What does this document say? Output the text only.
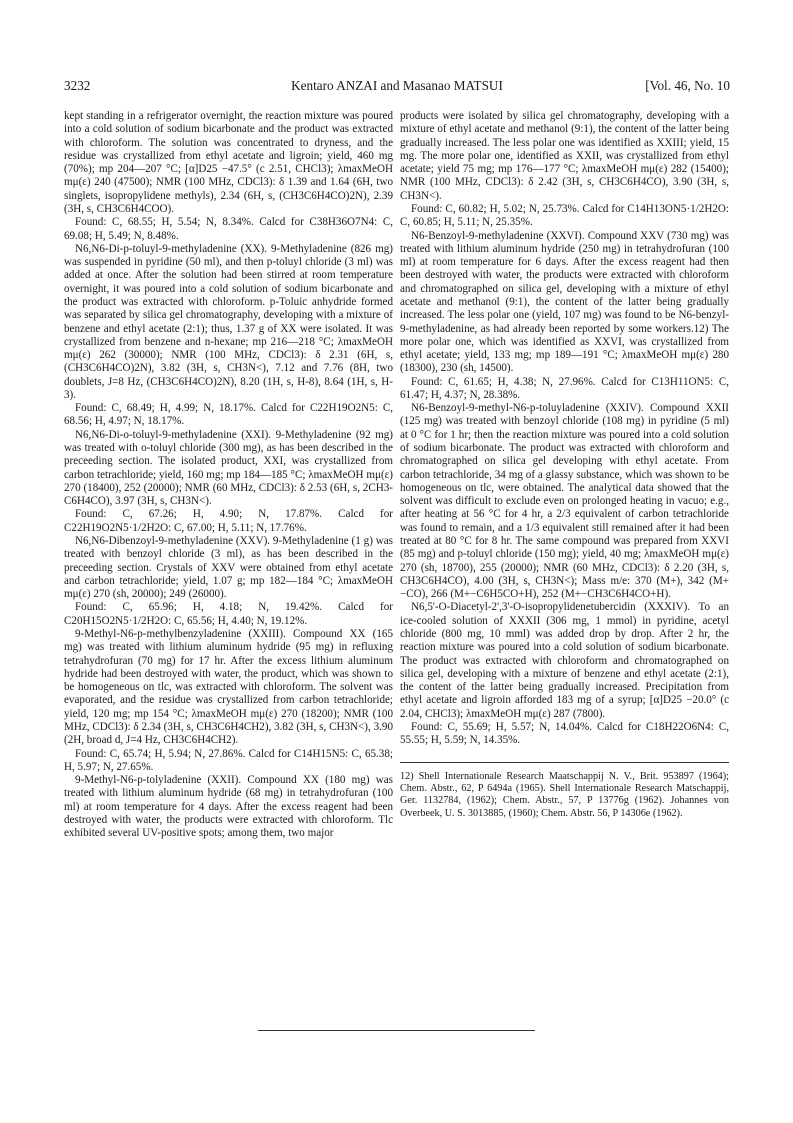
3232	Kentaro ANZAI and Masanao MATSUI	[Vol. 46, No. 10

kept standing in a refrigerator overnight, the reaction mixture was poured into a cold solution of sodium bicarbonate and the product was extracted with chloroform. The solution was concentrated to dryness, and the residue was crystallized from ethyl acetate and ligroin; yield, 460 mg (70%); mp 204—207 °C; [α]D25 −47.5° (c 2.51, CHCl3); λmaxMeOH mμ(ε) 240 (47500); NMR (100 MHz, CDCl3): δ 1.39 and 1.64 (6H, two singlets, isopropylidene methyls), 2.34 (6H, s, (CH3C6H4CO)2N), 2.39 (3H, s, CH3C6H4COO).

Found: C, 68.55; H, 5.54; N, 8.34%. Calcd for C38H36O7N4: C, 69.08; H, 5.49; N, 8.48%.

N6,N6-Di-p-toluyl-9-methyladenine (XX). 9-Methyladenine (826 mg) was suspended in pyridine (50 ml), and then p-toluyl chloride (3 ml) was added at once. After the solution had been stirred at room temperature overnight, it was poured into a cold solution of sodium bicarbonate and the product was extracted with chloroform. p-Toluic anhydride formed was separated by silica gel chromatography, developing with a mixture of benzene and ethyl acetate (2:1); thus, 1.37 g of XX were isolated. It was crystallized from benzene and n-hexane; mp 216—218 °C; λmaxMeOH mμ(ε) 262 (30000); NMR (100 MHz, CDCl3): δ 2.31 (6H, s, (CH3C6H4CO)2N), 3.82 (3H, s, CH3N<), 7.12 and 7.76 (8H, two doublets, J=8 Hz, (CH3C6H4CO)2N), 8.20 (1H, s, H-8), 8.64 (1H, s, H-3).

Found: C, 68.49; H, 4.99; N, 18.17%. Calcd for C22H19O2N5: C, 68.56; H, 4.97; N, 18.17%.

N6,N6-Di-o-toluyl-9-methyladenine (XXI). 9-Methyladenine (92 mg) was treated with o-toluyl chloride (300 mg), as has been described in the preceeding section. The isolated product, XXI, was crystallized from carbon tetrachloride; yield, 160 mg; mp 184—185 °C; λmaxMeOH mμ(ε) 270 (18400), 252 (20000); NMR (60 MHz, CDCl3): δ 2.53 (6H, s, 2CH3-C6H4CO), 3.97 (3H, s, CH3N<).

Found: C, 67.26; H, 4.90; N, 17.87%. Calcd for C22H19O2N5·1/2H2O: C, 67.00; H, 5.11; N, 17.76%.

N6,N6-Dibenzoyl-9-methyladenine (XXV). 9-Methyladenine (1 g) was treated with benzoyl chloride (3 ml), as has been described in the preceeding section. Crystals of XXV were obtained from ethyl acetate and carbon tetrachloride; yield, 1.07 g; mp 182—184 °C; λmaxMeOH mμ(ε) 270 (sh, 20000); 249 (26000).

Found: C, 65.96; H, 4.18; N, 19.42%. Calcd for C20H15O2N5·1/2H2O: C, 65.56; H, 4.40; N, 19.12%.

9-Methyl-N6-p-methylbenzyladenine (XXIII). Compound XX (165 mg) was treated with lithium aluminum hydride (95 mg) in refluxing tetrahydrofuran (70 mg) for 17 hr. After the excess lithium aluminum hydride had been destroyed with water, the product, which was shown to be homogeneous on tlc, was extracted with chloroform. The solvent was evaporated, and the residue was crystallized from carbon tetrachloride; yield, 120 mg; mp 154 °C; λmaxMeOH mμ(ε) 270 (18200); NMR (100 MHz, CDCl3): δ 2.34 (3H, s, CH3C6H4CH2), 3.82 (3H, s, CH3N<), 3.90 (2H, broad d, J=4 Hz, CH3C6H4CH2).

Found: C, 65.74; H, 5.94; N, 27.86%. Calcd for C14H15N5: C, 65.38; H, 5.97; N, 27.65%.

9-Methyl-N6-p-tolyladenine (XXII). Compound XX (180 mg) was treated with lithium aluminum hydride (68 mg) in tetrahydrofuran (100 ml) at room temperature for 4 days. After the excess reagent had been destroyed with water, the products were extracted with chloroform. Tlc exhibited several UV-positive spots; among them, two major

products were isolated by silica gel chromatography, developing with a mixture of ethyl acetate and methanol (9:1), the content of the latter being gradually increased. The less polar one was identified as XXIII; yield, 15 mg. The more polar one, identified as XXII, was crystallized from ethyl acetate; yield 75 mg; mp 176—177 °C; λmaxMeOH mμ(ε) 282 (15400); NMR (100 MHz, CDCl3): δ 2.42 (3H, s, CH3C6H4CO), 3.90 (3H, s, CH3N<).

Found: C, 60.82; H, 5.02; N, 25.73%. Calcd for C14H13ON5·1/2H2O: C, 60.85; H, 5.11; N, 25.35%.

N6-Benzoyl-9-methyladenine (XXVI). Compound XXV (730 mg) was treated with lithium aluminum hydride (250 mg) in tetrahydrofuran (100 ml) at room temperature for 6 days. After the excess reagent had then been destroyed with water, the products were extracted with chloroform and chromatographed on silica gel, developing with a mixture of ethyl acetate and methanol (9:1), the content of the latter being gradually increased. The less polar one (yield, 107 mg) was found to be N6-benzyl-9-methyladenine, as had already been reported by some workers.12) The more polar one, which was identified as XXVI, was crystallized from ethyl acetate; yield, 133 mg; mp 189—191 °C; λmaxMeOH mμ(ε) 280 (18300), 230 (sh, 14500).

Found: C, 61.65; H, 4.38; N, 27.96%. Calcd for C13H11ON5: C, 61.47; H, 4.37; N, 28.38%.

N6-Benzoyl-9-methyl-N6-p-toluyladenine (XXIV). Compound XXII (125 mg) was treated with benzoyl chloride (108 mg) in pyridine (5 ml) at 0 °C for 1 hr; then the reaction mixture was poured into a cold solution of sodium bicarbonate. The product was extracted with chloroform and chromatographed on silica gel developing with ethyl acetate. From carbon tetrachloride, 34 mg of a glassy substance, which was shown to be homogeneous on tlc, were obtained. The analytical data showed that the solvent was difficult to exclude even on prolonged heating in vacuo; e.g., after heating at 56 °C for 4 hr, a 2/3 equivalent of carbon tetrachloride was found to remain, and a 1/3 equivalent still remained after it had been treated at 80 °C for 8 hr. The same compound was prepared from XXVI (85 mg) and p-toluyl chloride (150 mg); yield, 40 mg; λmaxMeOH mμ(ε) 270 (sh, 18700), 255 (20000); NMR (60 MHz, CDCl3): δ 2.20 (3H, s, CH3C6H4CO), 4.00 (3H, s, CH3N<); Mass m/e: 370 (M+), 342 (M+−CO), 266 (M+−C6H5CO+H), 252 (M+−CH3C6H4CO+H).

N6,5'-O-Diacetyl-2',3'-O-isopropylidenetubercidin (XXXIV). To an ice-cooled solution of XXXII (306 mg, 1 mmol) in pyridine, acetyl chloride (800 mg, 10 mml) was added drop by drop. After 2 hr, the reaction mixture was poured into a cold solution of sodium bicarbonate. The product was extracted with chloroform and chromatographed on silica gel, developing with a mixture of benzene and ethyl acetate (2:1), the content of the latter being gradually increased. Precipitation from ethyl acetate and ligroin afforded 183 mg of a syrup; [α]D25 −20.0° (c 2.04, CHCl3); λmaxMeOH mμ(ε) 287 (7800).

Found: C, 55.69; H, 5.57; N, 14.04%. Calcd for C18H22O6N4: C, 55.55; H, 5.59; N, 14.35%.

12) Shell Internationale Research Maatschappij N. V., Brit. 953897 (1964); Chem. Abstr., 62, P 6494a (1965). Shell Internationale Research Matschappij, Ger. 1132784, (1962); Chem. Abstr., 57, P 13776g (1962). Johannes von Overbeek, U. S. 3013885, (1960); Chem. Abstr. 56, P 14306e (1962).
